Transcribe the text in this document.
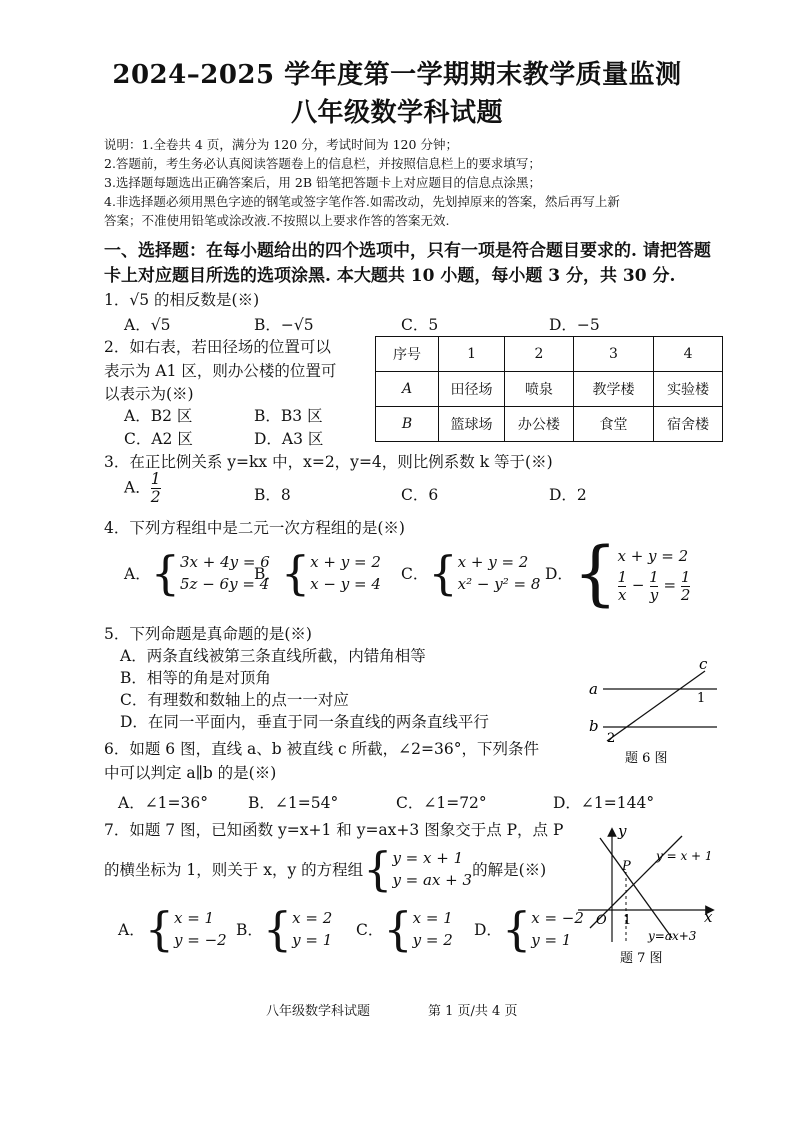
2024–2025 学年度第一学期期末教学质量监测
八年级数学科试题
说明：1.全卷共 4 页，满分为 120 分，考试时间为 120 分钟；
2.答题前，考生务必认真阅读答题卷上的信息栏，并按照信息栏上的要求填写；
3.选择题每题选出正确答案后，用 2B 铅笔把答题卡上对应题目的信息点涂黑；
4.非选择题必须用黑色字迹的钢笔或签字笔作答.如需改动，先划掉原来的答案，然后再写上新
答案；不准使用铅笔或涂改液.不按照以上要求作答的答案无效.
一、选择题：在每小题给出的四个选项中，只有一项是符合题目要求的. 请把答题
卡上对应题目所选的选项涂黑. 本大题共 10 小题，每小题 3 分，共 30 分.
1．√5 的相反数是(※)
A．√5	B．−√5	C．5	D．−5
2．如右表，若田径场的位置可以
表示为 A1 区，则办公楼的位置可
以表示为(※)
A．B2 区	B．B3 区
C．A2 区	D．A3 区
序号	1	2	3	4
A	田径场	喷泉	教学楼	实验楼
B	篮球场	办公楼	食堂	宿舍楼
3．在正比例关系 y=kx 中，x=2，y=4，则比例系数 k 等于(※)
A． $\frac{1}{2}$	B．8	C．6	D．2
4．下列方程组中是二元一次方程组的是(※)
A．{3x + 4y = 6
5z − 6y = 4
B．{x + y = 2
x − y = 4
C．{x + y = 2
x² − y² = 8
D．{x + y = 2

$\frac{1}{x} - \frac{1}{y} = \frac{1}{2}$
5．下列命题是真命题的是(※)
A．两条直线被第三条直线所截，内错角相等
B．相等的角是对顶角
C．有理数和数轴上的点一一对应
D．在同一平面内，垂直于同一条直线的两条直线平行
a
b
c
1
2
题 6 图
6．如题 6 图，直线 a、b 被直线 c 所截，∠2=36°，下列条件
中可以判定 a∥b 的是(※)
A．∠1=36°	B．∠1=54°	C．∠1=72°	D．∠1=144°
7．如题 7 图，已知函数 y=x+1 和 y=ax+3 图象交于点 P，点 P
的横坐标为 1，则关于 x，y 的方程组{y = x + 1
y = ax + 3的解是(※)
A．{x = 1
y = −2
B．{x = 2
y = 1
C．{x = 1
y = 2
D．{x = −2
y = 1
y
x
O
P
1
y = x + 1
y=ax+3
题 7 图
八年级数学科试题	第 1 页/共 4 页
